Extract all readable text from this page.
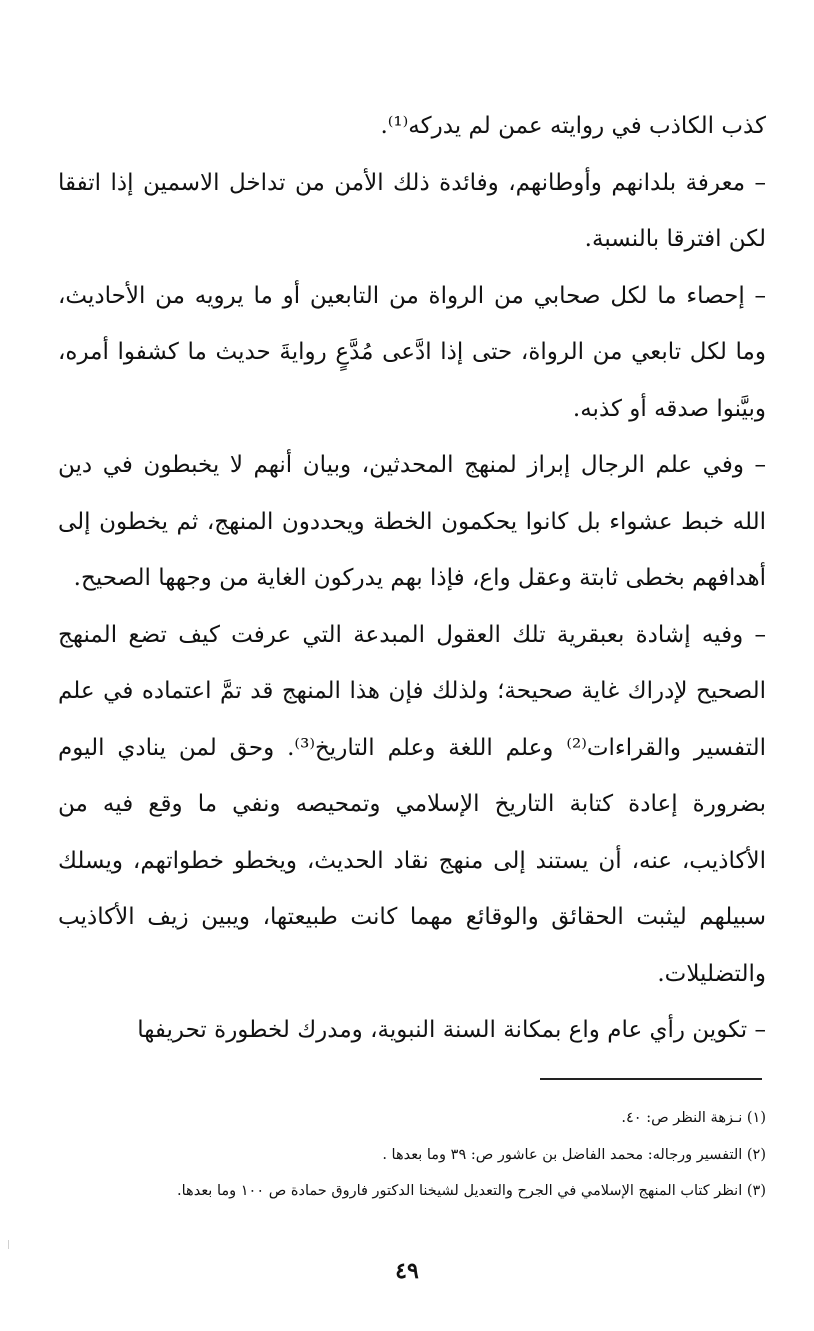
كذب الكاذب في روايته عمن لم يدركه⁽¹⁾.

– معرفة بلدانهم وأوطانهم، وفائدة ذلك الأمن من تداخل الاسمين إذا اتفقا لكن افترقا بالنسبة.

– إحصاء ما لكل صحابي من الرواة من التابعين أو ما يرويه من الأحاديث، وما لكل تابعي من الرواة، حتى إذا ادَّعى مُدَّعٍ روايةَ حديث ما كشفوا أمره، وبيَّنوا صدقه أو كذبه.

– وفي علم الرجال إبراز لمنهج المحدثين، وبيان أنهم لا يخبطون في دين الله خبط عشواء بل كانوا يحكمون الخطة ويحددون المنهج، ثم يخطون إلى أهدافهم بخطى ثابتة وعقل واع، فإذا بهم يدركون الغاية من وجهها الصحيح.

– وفيه إشادة بعبقرية تلك العقول المبدعة التي عرفت كيف تضع المنهج الصحيح لإدراك غاية صحيحة؛ ولذلك فإن هذا المنهج قد تمَّ اعتماده في علم التفسير والقراءات⁽²⁾ وعلم اللغة وعلم التاريخ⁽³⁾. وحق لمن ينادي اليوم بضرورة إعادة كتابة التاريخ الإسلامي وتمحيصه ونفي ما وقع فيه من الأكاذيب، عنه، أن يستند إلى منهج نقاد الحديث، ويخطو خطواتهم، ويسلك سبيلهم ليثبت الحقائق والوقائع مهما كانت طبيعتها، ويبين زيف الأكاذيب والتضليلات.

– تكوين رأي عام واع بمكانة السنة النبوية، ومدرك لخطورة تحريفها

(١) نـزهة النظر ص: ٤٠.

(٢) التفسير ورجاله: محمد الفاضل بن عاشور ص: ٣٩ وما بعدها .

(٣) انظر كتاب المنهج الإسلامي في الجرح والتعديل لشيخنا الدكتور فاروق حمادة ص ١٠٠ وما بعدها.

٤٩
